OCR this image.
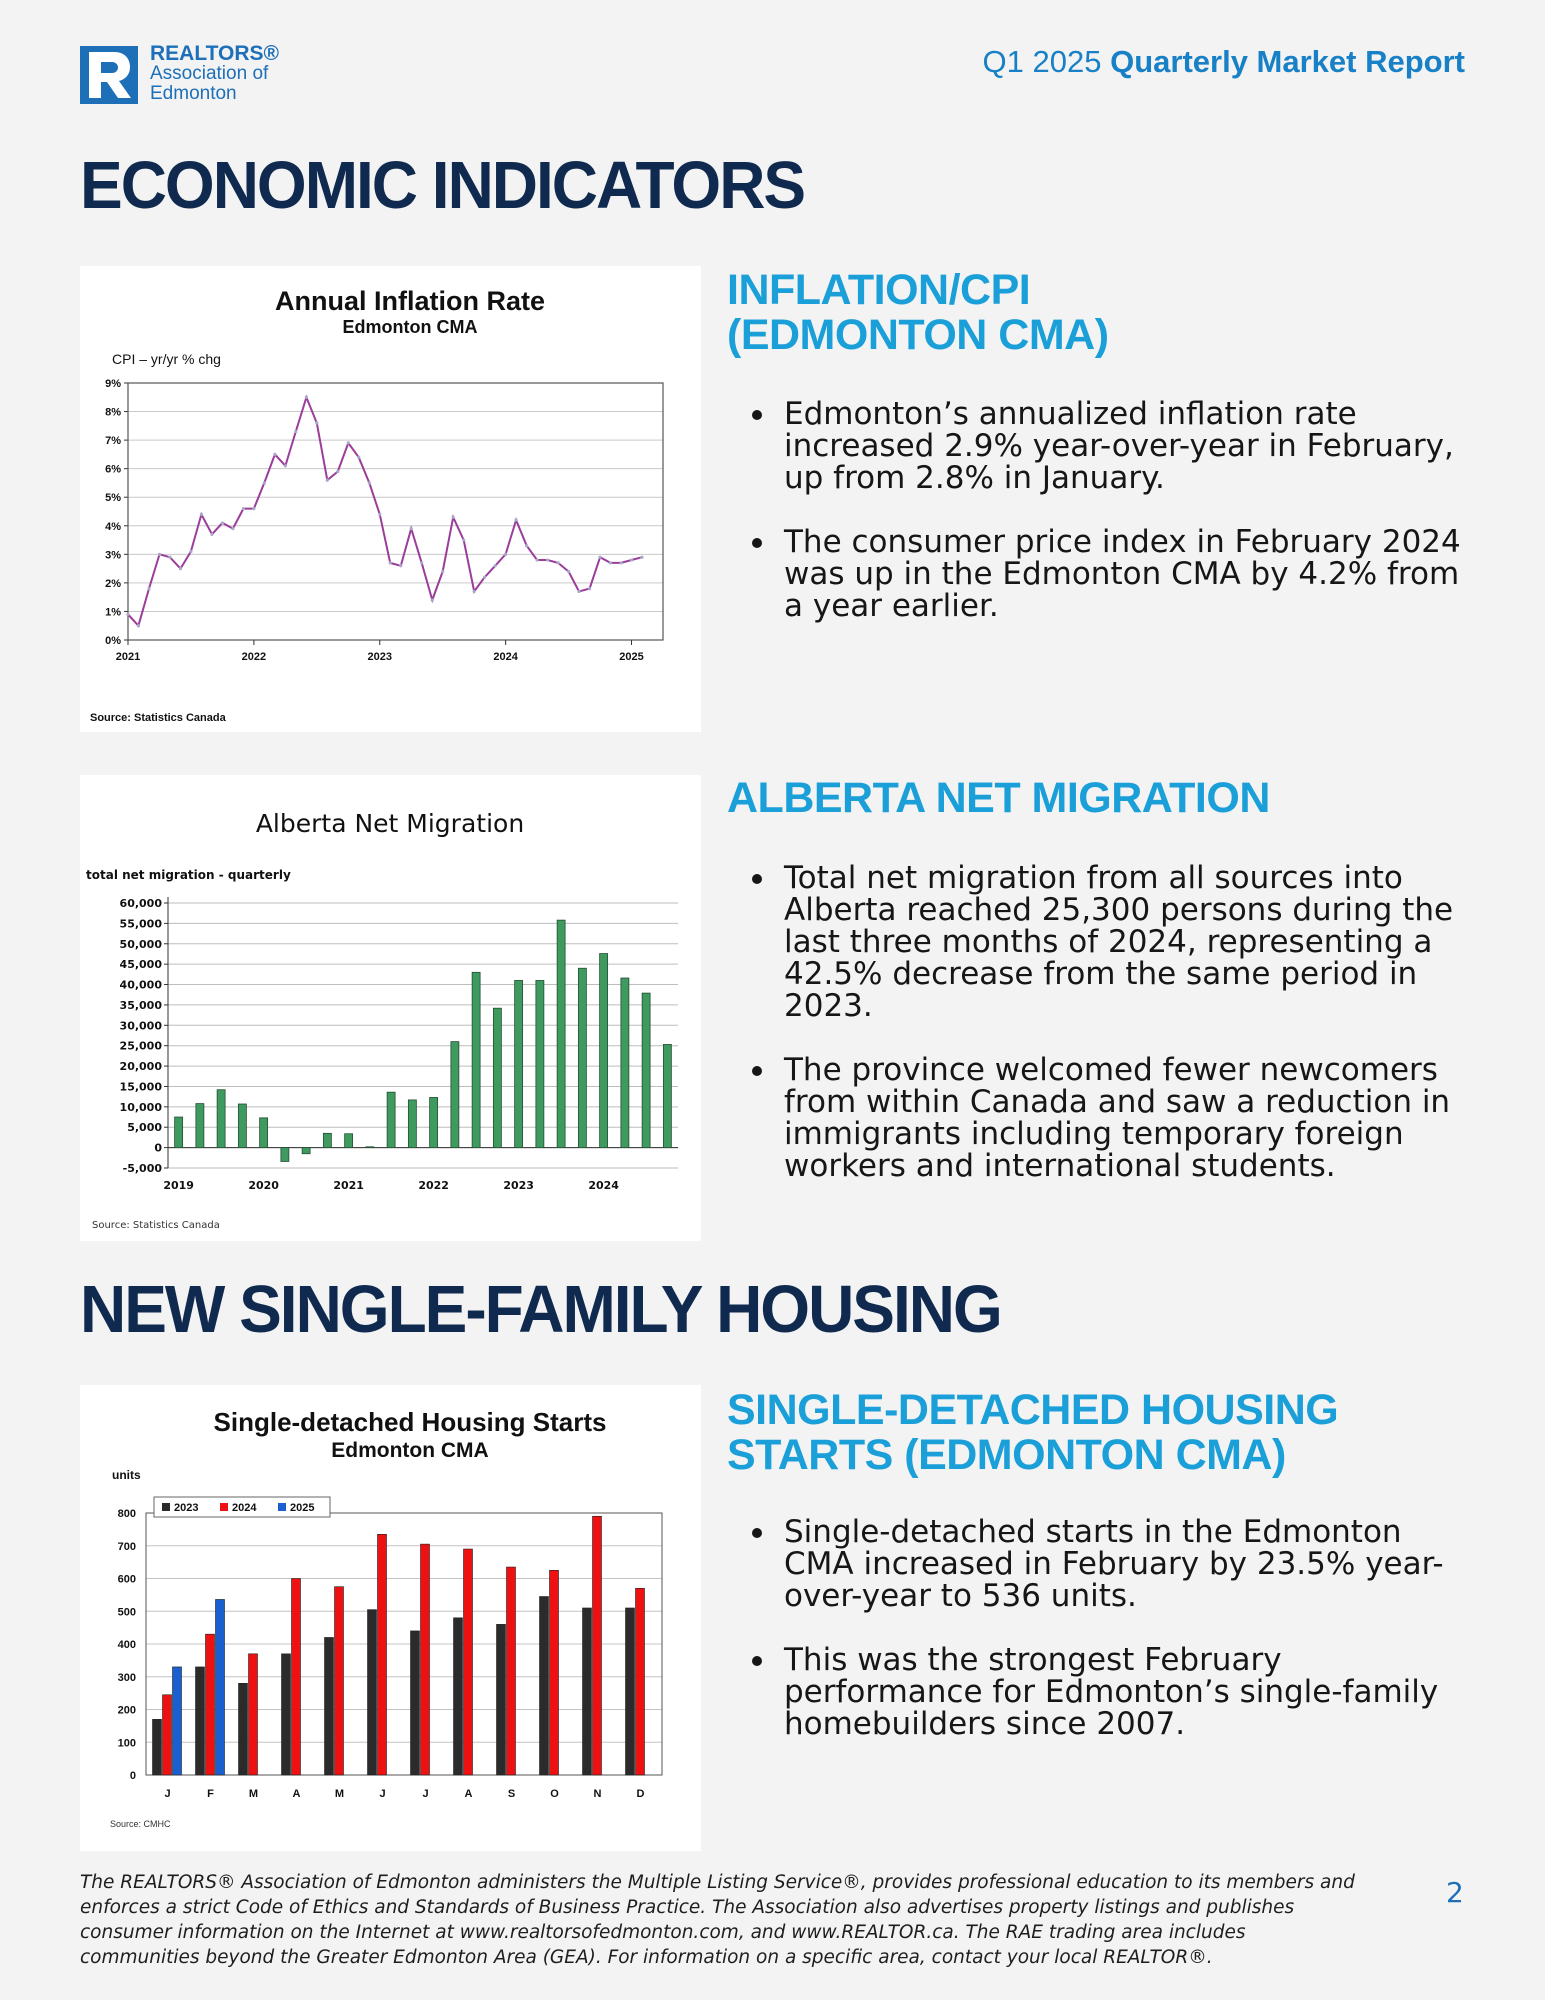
REALTORS®
Association of
Edmonton
Q1 2025 Quarterly Market Report
ECONOMIC INDICATORS
Annual Inflation Rate
Edmonton CMA
CPI – yr/yr % chg
Source: Statistics Canada
0%
1%
2%
3%
4%
5%
6%
7%
8%
9%
2021	2022	2023	2024	2025
INFLATION/CPI
(EDMONTON CMA)
Edmonton’s annualized inflation rate increased 2.9% year-over-year in February, up from 2.8% in January.
The consumer price index in February 2024 was up in the Edmonton CMA by 4.2% from a year earlier.
Alberta Net Migration
total net migration - quarterly
Source: Statistics Canada
60,000
55,000
50,000
45,000
40,000
35,000
30,000
25,000
20,000
15,000
10,000
5,000
0
-5,000
2019	2020	2021	2022	2023	2024
ALBERTA NET MIGRATION
Total net migration from all sources into Alberta reached 25,300 persons during the last three months of 2024, representing a 42.5% decrease from the same period in 2023.
The province welcomed fewer newcomers from within Canada and saw a reduction in immigrants including temporary foreign workers and international students.
NEW SINGLE-FAMILY HOUSING
Single-detached Housing Starts
Edmonton CMA
units
Source: CMHC
800
700
600
500
400
300
200
100
0
J	F	M	A	M	J	J	A	S	O	N	D
2023	2024	2025
SINGLE-DETACHED HOUSING
STARTS (EDMONTON CMA)
Single-detached starts in the Edmonton CMA increased in February by 23.5% year-over-year to 536 units.
This was the strongest February performance for Edmonton’s single-family homebuilders since 2007.
The REALTORS® Association of Edmonton administers the Multiple Listing Service®, provides professional education to its members and enforces a strict Code of Ethics and Standards of Business Practice. The Association also advertises property listings and publishes consumer information on the Internet at www.realtorsofedmonton.com, and www.REALTOR.ca. The RAE trading area includes communities beyond the Greater Edmonton Area (GEA). For information on a specific area, contact your local REALTOR®.
2
